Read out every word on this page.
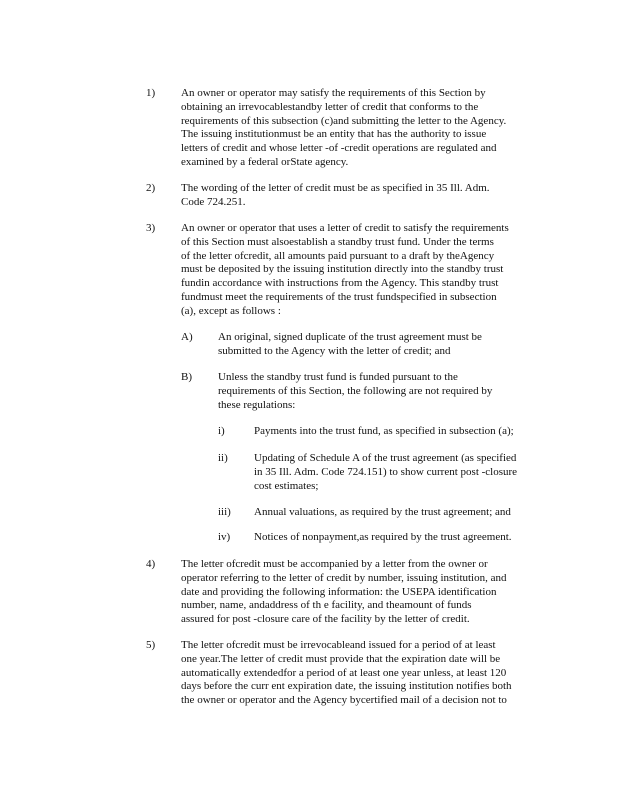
1)	An owner or operator may satisfy the requirements of this Section by
obtaining an irrevocablestandby letter of credit that conforms to the
requirements of this subsection (c)and submitting the letter to the Agency.
The issuing institutionmust be an entity that has the authority to issue
letters of credit and whose letter -of -credit operations are regulated and
examined by a federal orState agency.
2)	The wording of the letter of credit must be as specified in 35 Ill. Adm.
Code 724.251.
3)	An owner or operator that uses a letter of credit to satisfy the requirements
of this Section must alsoestablish a standby trust fund. Under the terms
of the letter ofcredit, all amounts paid pursuant to a draft by theAgency
must be deposited by the issuing institution directly into the standby trust
fundin accordance with instructions from the Agency. This standby trust
fundmust meet the requirements of the trust fundspecified in subsection
(a), except as follows :
A)	An original, signed duplicate of the trust agreement must be
submitted to the Agency with the letter of credit; and
B)	Unless the standby trust fund is funded pursuant to the
requirements of this Section, the following are not required by
these regulations:
i)	Payments into the trust fund, as specified in subsection (a);
ii)	Updating of Schedule A of the trust agreement (as specified
in 35 Ill. Adm. Code 724.151) to show current post -closure
cost estimates;
iii)	Annual valuations, as required by the trust agreement; and
iv)	Notices of nonpayment,as required by the trust agreement.
4)	The letter ofcredit must be accompanied by a letter from the owner or
operator referring to the letter of credit by number, issuing institution, and
date and providing the following information: the USEPA identification
number, name, andaddress of th e facility, and theamount of funds
assured for post -closure care of the facility by the letter of credit.
5)	The letter ofcredit must be irrevocableand issued for a period of at least
one year.The letter of credit must provide that the expiration date will be
automatically extendedfor a period of at least one year unless, at least 120
days before the curr ent expiration date, the issuing institution notifies both
the owner or operator and the Agency bycertified mail of a decision not to
